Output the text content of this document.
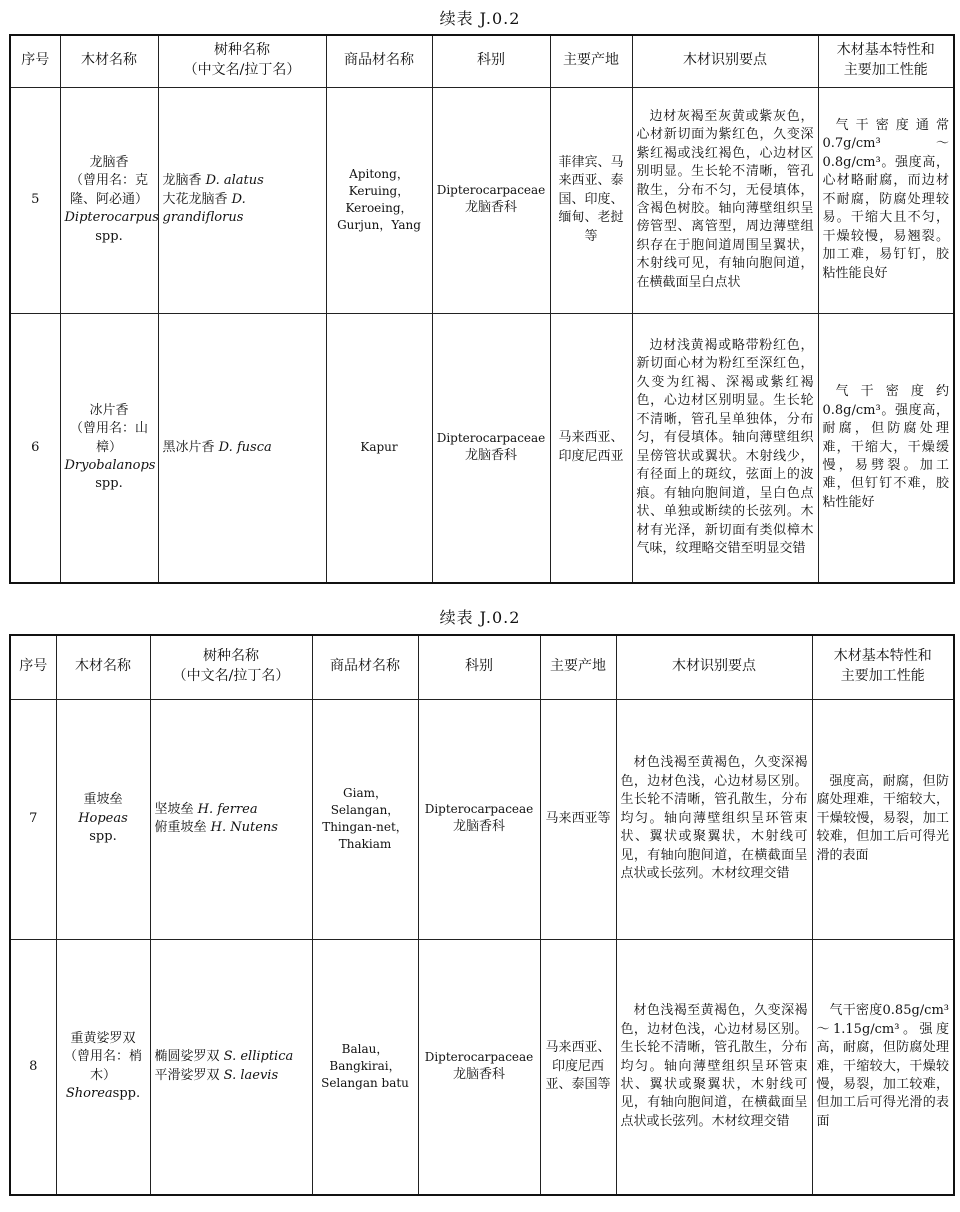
续表 J.0.2
序号	木材名称	树种名称
（中文名/拉丁名）	商品材名称	科别	主要产地	木材识别要点	木材基本特性和
主要加工性能

5	龙脑香
（曾用名：克隆、阿必通）
Dipterocarpus
spp.	龙脑香 D. alatus
大花龙脑香 D. grandiflorus	Apitong，Keruing，Keroeing，Gurjun，Yang	Dipterocarpaceae
龙脑香科	菲律宾、马来西亚、泰国、印度、缅甸、老挝等	边材灰褐至灰黄或紫灰色，心材新切面为紫红色，久变深紫红褐或浅红褐色，心边材区别明显。生长轮不清晰，管孔散生，分布不匀，无侵填体，含褐色树胶。轴向薄壁组织呈傍管型、离管型，周边薄壁组织存在于胞间道周围呈翼状，木射线可见，有轴向胞间道，在横截面呈白点状	气干密度通常0.7g/cm³～0.8g/cm³。强度高，心材略耐腐，而边材不耐腐，防腐处理较易。干缩大且不匀，干燥较慢，易翘裂。加工难，易钉钉，胶粘性能良好
6	冰片香
（曾用名：山樟）
Dryobalanops
spp.	黑冰片香 D. fusca	Kapur	Dipterocarpaceae
龙脑香科	马来西亚、印度尼西亚	边材浅黄褐或略带粉红色，新切面心材为粉红至深红色，久变为红褐、深褐或紫红褐色，心边材区别明显。生长轮不清晰，管孔呈单独体，分布匀，有侵填体。轴向薄壁组织呈傍管状或翼状。木射线少，有径面上的斑纹，弦面上的波痕。有轴向胞间道，呈白色点状、单独或断续的长弦列。木材有光泽，新切面有类似樟木气味，纹理略交错至明显交错	气干密度约0.8g/cm³。强度高，耐腐，但防腐处理难，干缩大，干燥缓慢，易劈裂。加工难，但钉钉不难，胶粘性能好
续表 J.0.2
序号	木材名称	树种名称
（中文名/拉丁名）	商品材名称	科别	主要产地	木材识别要点	木材基本特性和
主要加工性能

7	重坡垒
Hopeas
spp.	坚坡垒 H. ferrea
俯重坡垒 H. Nutens	Giam，Selangan，Thingan-net，Thakiam	Dipterocarpaceae
龙脑香科	马来西亚等	材色浅褐至黄褐色，久变深褐色，边材色浅，心边材易区别。生长轮不清晰，管孔散生，分布均匀。轴向薄壁组织呈环管束状、翼状或聚翼状，木射线可见，有轴向胞间道，在横截面呈点状或长弦列。木材纹理交错	强度高，耐腐，但防腐处理难，干缩较大，干燥较慢，易裂，加工较难，但加工后可得光滑的表面
8	重黄娑罗双
（曾用名：梢木）
Shoreaspp.	椭圆娑罗双 S. elliptica
平滑娑罗双 S. laevis	Balau，Bangkirai，Selangan batu	Dipterocarpaceae
龙脑香科	马来西亚、印度尼西亚、泰国等	材色浅褐至黄褐色，久变深褐色，边材色浅，心边材易区别。生长轮不清晰，管孔散生，分布均匀。轴向薄壁组织呈环管束状、翼状或聚翼状，木射线可见，有轴向胞间道，在横截面呈点状或长弦列。木材纹理交错	气干密度0.85g/cm³～1.15g/cm³。强度高，耐腐，但防腐处理难，干缩较大，干燥较慢，易裂，加工较难，但加工后可得光滑的表面
